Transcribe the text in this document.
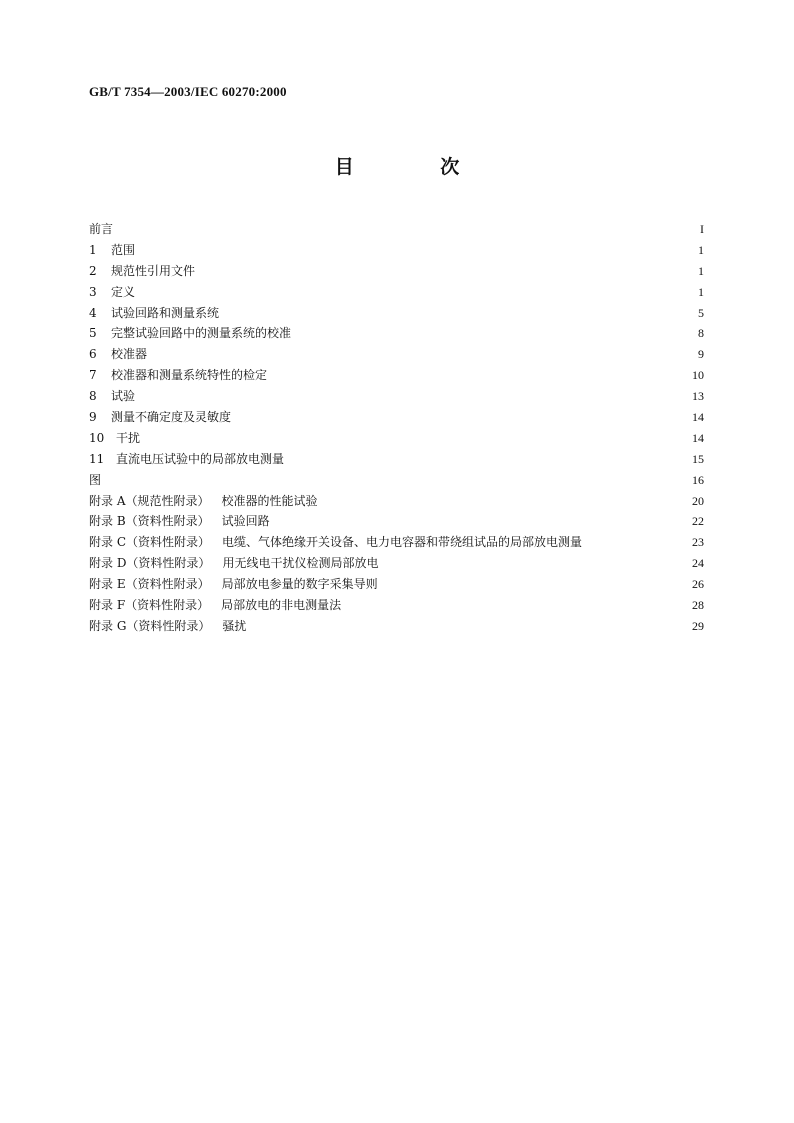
GB/T 7354—2003/IEC 60270:2000
目 次
前言	I
1	范围	1
2	规范性引用文件	1
3	定义	1
4	试验回路和测量系统	5
5	完整试验回路中的测量系统的校准	8
6	校准器	9
7	校准器和测量系统特性的检定	10
8	试验	13
9	测量不确定度及灵敏度	14
10 干扰	14
11 直流电压试验中的局部放电测量	15
图	16
附录 A（规范性附录） 校准器的性能试验	20
附录 B（资料性附录） 试验回路	22
附录 C（资料性附录） 电缆、气体绝缘开关设备、电力电容器和带绕组试品的局部放电测量	23
附录 D（资料性附录） 用无线电干扰仪检测局部放电	24
附录 E（资料性附录） 局部放电参量的数字采集导则	26
附录 F（资料性附录） 局部放电的非电测量法	28
附录 G（资料性附录） 骚扰	29
